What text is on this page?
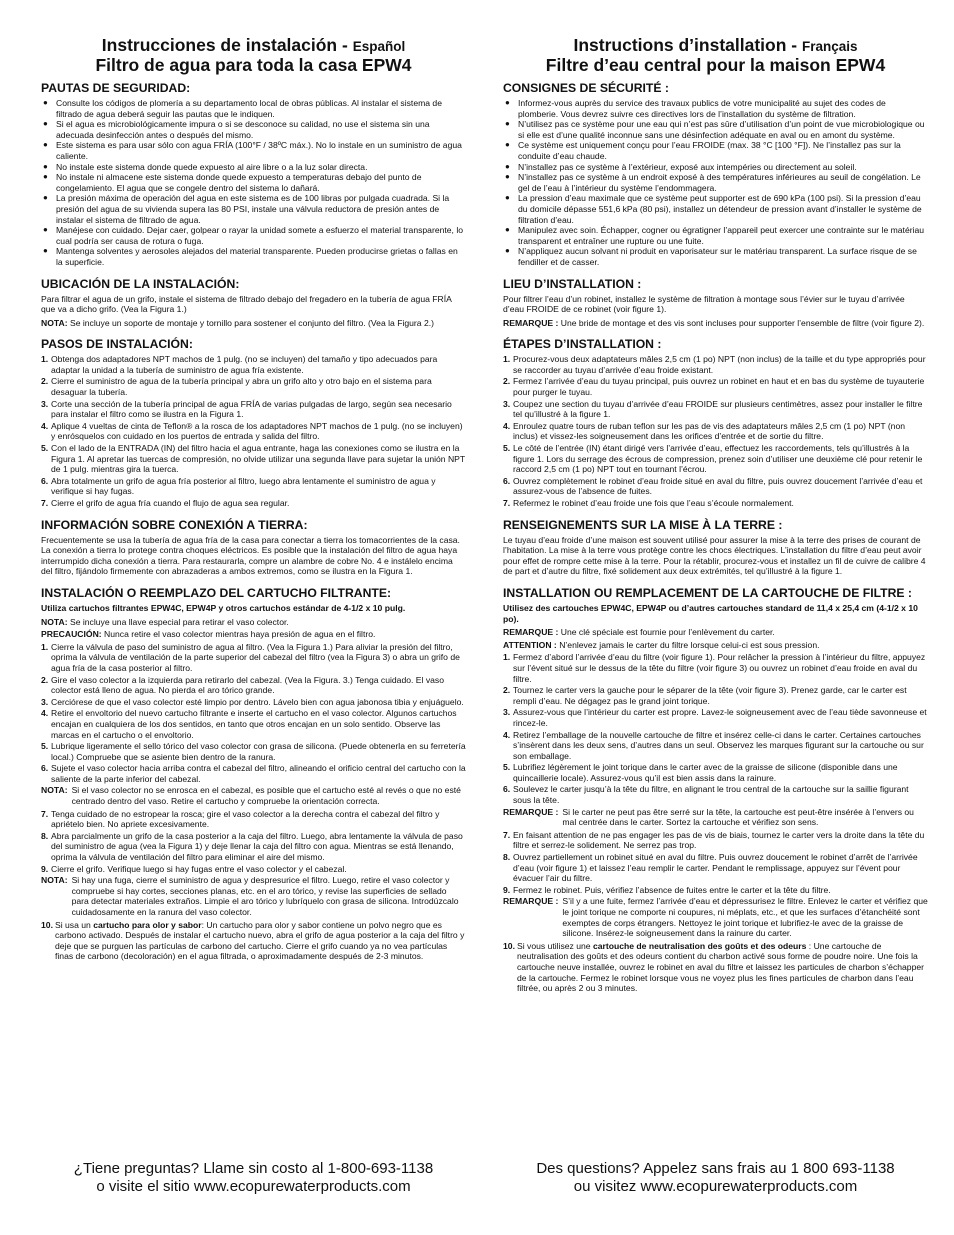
Instrucciones de instalación - Español
Filtro de agua para toda la casa EPW4
PAUTAS DE SEGURIDAD:
● Consulte los códigos de plomería a su departamento local de obras públicas. Al instalar el sistema de filtrado de agua deberá seguir las pautas que le indiquen.
● Si el agua es microbiológicamente impura o si se desconoce su calidad, no use el sistema sin una adecuada desinfección antes o después del mismo.
● Este sistema es para usar sólo con agua FRÍA (100°F / 38ºC máx.). No lo instale en un suministro de agua caliente.
● No instale este sistema donde quede expuesto al aire libre o a la luz solar directa.
● No instale ni almacene este sistema donde quede expuesto a temperaturas debajo del punto de congelamiento. El agua que se congele dentro del sistema lo dañará.
● La presión máxima de operación del agua en este sistema es de 100 libras por pulgada cuadrada. Si la presión del agua de su vivienda supera las 80 PSI, instale una válvula reductora de presión antes de instalar el sistema de filtrado de agua.
● Manéjese con cuidado. Dejar caer, golpear o rayar la unidad somete a esfuerzo el material transparente, lo cual podría ser causa de rotura o fuga.
● Mantenga solventes y aerosoles alejados del material transparente. Pueden producirse grietas o fallas en la superficie.
UBICACIÓN DE LA INSTALACIÓN:

Para filtrar el agua de un grifo, instale el sistema de filtrado debajo del fregadero en la tubería de agua FRÍA que va a dicho grifo. (Vea la Figura 1.)

NOTA: Se incluye un soporte de montaje y tornillo para sostener el conjunto del filtro. (Vea la Figura 2.)

PASOS DE INSTALACIÓN:
1. Obtenga dos adaptadores NPT machos de 1 pulg. (no se incluyen) del tamaño y tipo adecuados para adaptar la unidad a la tubería de suministro de agua fría existente.
2. Cierre el suministro de agua de la tubería principal y abra un grifo alto y otro bajo en el sistema para desaguar la tubería.
3. Corte una sección de la tubería principal de agua FRÍA de varias pulgadas de largo, según sea necesario para instalar el filtro como se ilustra en la Figura 1.
4. Aplique 4 vueltas de cinta de Teflon® a la rosca de los adaptadores NPT machos de 1 pulg. (no se incluyen) y enrósquelos con cuidado en los puertos de entrada y salida del filtro.
5. Con el lado de la ENTRADA (IN) del filtro hacia el agua entrante, haga las conexiones como se ilustra en la Figura 1. Al apretar las tuercas de compresión, no olvide utilizar una segunda llave para sujetar la unión NPT de 1 pulg. mientras gira la tuerca.
6. Abra totalmente un grifo de agua fría posterior al filtro, luego abra lentamente el suministro de agua y verifique si hay fugas.
7. Cierre el grifo de agua fría cuando el flujo de agua sea regular.
INFORMACIÓN SOBRE CONEXIÓN A TIERRA:

Frecuentemente se usa la tubería de agua fría de la casa para conectar a tierra los tomacorrientes de la casa. La conexión a tierra lo protege contra choques eléctricos. Es posible que la instalación del filtro de agua haya interrumpido dicha conexión a tierra. Para restaurarla, compre un alambre de cobre No. 4 e instálelo encima del filtro, fijándolo firmemente con abrazaderas a ambos extremos, como se ilustra en la Figura 1.

INSTALACIÓN O REEMPLAZO DEL CARTUCHO FILTRANTE:

Utiliza cartuchos filtrantes EPW4C, EPW4P y otros cartuchos estándar de 4-1/2 x 10 pulg.

NOTA: Se incluye una llave especial para retirar el vaso colector.

PRECAUCIÓN: Nunca retire el vaso colector mientras haya presión de agua en el filtro.

1. Cierre la válvula de paso del suministro de agua al filtro. (Vea la Figura 1.) Para aliviar la presión del filtro, oprima la válvula de ventilación de la parte superior del cabezal del filtro (vea la Figura 3) o abra un grifo de agua fría de la casa posterior al filtro.
2. Gire el vaso colector a la izquierda para retirarlo del cabezal. (Vea la Figura. 3.) Tenga cuidado. El vaso colector está lleno de agua. No pierda el aro tórico grande.
3. Cerciórese de que el vaso colector esté limpio por dentro. Lávelo bien con agua jabonosa tibia y enjuáguelo.
4. Retire el envoltorio del nuevo cartucho filtrante e inserte el cartucho en el vaso colector. Algunos cartuchos encajan en cualquiera de los dos sentidos, en tanto que otros encajan en un solo sentido. Observe las marcas en el cartucho o el envoltorio.
5. Lubrique ligeramente el sello tórico del vaso colector con grasa de silicona. (Puede obtenerla en su ferretería local.) Compruebe que se asiente bien dentro de la ranura.
6. Sujete el vaso colector hacia arriba contra el cabezal del filtro, alineando el orificio central del cartucho con la saliente de la parte inferior del cabezal.
NOTA: Si el vaso colector no se enrosca en el cabezal, es posible que el cartucho esté al revés o que no esté centrado dentro del vaso. Retire el cartucho y compruebe la orientación correcta.
7. Tenga cuidado de no estropear la rosca; gire el vaso colector a la derecha contra el cabezal del filtro y apriételo bien. No apriete excesivamente.
8. Abra parcialmente un grifo de la casa posterior a la caja del filtro. Luego, abra lentamente la válvula de paso del suministro de agua (vea la Figura 1) y deje llenar la caja del filtro con agua. Mientras se está llenando, oprima la válvula de ventilación del filtro para eliminar el aire del mismo.
9. Cierre el grifo. Verifique luego si hay fugas entre el vaso colector y el cabezal.
NOTA: Si hay una fuga, cierre el suministro de agua y despresurice el filtro. Luego, retire el vaso colector y compruebe si hay cortes, secciones planas, etc. en el aro tórico, y revise las superficies de sellado para detectar materiales extraños. Limpie el aro tórico y lubríquelo con grasa de silicona. Introdúzcalo cuidadosamente en la ranura del vaso colector.
10. Si usa un cartucho para olor y sabor: Un cartucho para olor y sabor contiene un polvo negro que es carbono activado. Después de instalar el cartucho nuevo, abra el grifo de agua posterior a la caja del filtro y deje que se purguen las partículas de carbono del cartucho. Cierre el grifo cuando ya no vea partículas finas de carbono (decoloración) en el agua filtrada, o aproximadamente después de 2-3 minutos.
Instructions d’installation - Français
Filtre d’eau central pour la maison EPW4
CONSIGNES DE SÉCURITÉ :
● Informez-vous auprès du service des travaux publics de votre municipalité au sujet des codes de plomberie. Vous devrez suivre ces directives lors de l’installation du système de filtration.
● N’utilisez pas ce système pour une eau qui n’est pas sûre d’utilisation d’un point de vue microbiologique ou si elle est d’une qualité inconnue sans une désinfection adéquate en aval ou en amont du système.
● Ce système est uniquement conçu pour l’eau FROIDE (max. 38 °C [100 °F]). Ne l’installez pas sur la conduite d’eau chaude.
● N’installez pas ce système à l’extérieur, exposé aux intempéries ou directement au soleil.
● N’installez pas ce système à un endroit exposé à des températures inférieures au seuil de congélation. Le gel de l’eau à l’intérieur du système l’endommagera.
● La pression d’eau maximale que ce système peut supporter est de 690 kPa (100 psi). Si la pression d’eau du domicile dépasse 551,6 kPa (80 psi), installez un détendeur de pression avant d’installer le système de filtration d’eau.
● Manipulez avec soin. Échapper, cogner ou égratigner l’appareil peut exercer une contrainte sur le matériau transparent et entraîner une rupture ou une fuite.
● N’appliquez aucun solvant ni produit en vaporisateur sur le matériau transparent. La surface risque de se fendiller et de casser.
LIEU D’INSTALLATION :

Pour filtrer l’eau d’un robinet, installez le système de filtration à montage sous l’évier sur le tuyau d’arrivée d’eau FROIDE de ce robinet (voir figure 1).

REMARQUE : Une bride de montage et des vis sont incluses pour supporter l’ensemble de filtre (voir figure 2).

ÉTAPES D’INSTALLATION :
1. Procurez-vous deux adaptateurs mâles 2,5 cm (1 po) NPT (non inclus) de la taille et du type appropriés pour se raccorder au tuyau d’arrivée d’eau froide existant.
2. Fermez l’arrivée d’eau du tuyau principal, puis ouvrez un robinet en haut et en bas du système de tuyauterie pour purger le tuyau.
3. Coupez une section du tuyau d’arrivée d’eau FROIDE sur plusieurs centimètres, assez pour installer le filtre tel qu’illustré à la figure 1.
4. Enroulez quatre tours de ruban teflon sur les pas de vis des adaptateurs mâles 2,5 cm (1 po) NPT (non inclus) et vissez-les soigneusement dans les orifices d’entrée et de sortie du filtre.
5. Le côté de l’entrée (IN) étant dirigé vers l’arrivée d’eau, effectuez les raccordements, tels qu’illustrés à la figure 1. Lors du serrage des écrous de compression, prenez soin d’utiliser une deuxième clé pour retenir le raccord 2,5 cm (1 po) NPT tout en tournant l’écrou.
6. Ouvrez complètement le robinet d’eau froide situé en aval du filtre, puis ouvrez doucement l’arrivée d’eau et assurez-vous de l’absence de fuites.
7. Refermez le robinet d’eau froide une fois que l’eau s’écoule normalement.
RENSEIGNEMENTS SUR LA MISE À LA TERRE :

Le tuyau d’eau froide d’une maison est souvent utilisé pour assurer la mise à la terre des prises de courant de l’habitation. La mise à la terre vous protège contre les chocs électriques. L’installation du filtre d’eau peut avoir pour effet de rompre cette mise à la terre. Pour la rétablir, procurez-vous et installez un fil de cuivre de calibre 4 de part et d’autre du filtre, fixé solidement aux deux extrémités, tel qu’illustré à la figure 1.

INSTALLATION OU REMPLACEMENT DE LA CARTOUCHE DE FILTRE :

Utilisez des cartouches EPW4C, EPW4P ou d’autres cartouches standard de 11,4 x 25,4 cm (4-1/2 x 10 po).

REMARQUE : Une clé spéciale est fournie pour l’enlèvement du carter.

ATTENTION : N’enlevez jamais le carter du filtre lorsque celui-ci est sous pression.

1. Fermez d’abord l’arrivée d’eau du filtre (voir figure 1). Pour relâcher la pression à l’intérieur du filtre, appuyez sur l’évent situé sur le dessus de la tête du filtre (voir figure 3) ou ouvrez un robinet d’eau froide en aval du filtre.
2. Tournez le carter vers la gauche pour le séparer de la tête (voir figure 3). Prenez garde, car le carter est rempli d’eau. Ne dégagez pas le grand joint torique.
3. Assurez-vous que l’intérieur du carter est propre. Lavez-le soigneusement avec de l’eau tiède savonneuse et rincez-le.
4. Retirez l’emballage de la nouvelle cartouche de filtre et insérez celle-ci dans le carter. Certaines cartouches s’insèrent dans les deux sens, d’autres dans un seul. Observez les marques figurant sur la cartouche ou sur son emballage.
5. Lubrifiez légèrement le joint torique dans le carter avec de la graisse de silicone (disponible dans une quincaillerie locale). Assurez-vous qu’il est bien assis dans la rainure.
6. Soulevez le carter jusqu’à la tête du filtre, en alignant le trou central de la cartouche sur la saillie figurant sous la tête.
REMARQUE : Si le carter ne peut pas être serré sur la tête, la cartouche est peut-être insérée à l’envers ou mal centrée dans le carter. Sortez la cartouche et vérifiez son sens.
7. En faisant attention de ne pas engager les pas de vis de biais, tournez le carter vers la droite dans la tête du filtre et serrez-le solidement. Ne serrez pas trop.
8. Ouvrez partiellement un robinet situé en aval du filtre. Puis ouvrez doucement le robinet d’arrêt de l’arrivée d’eau (voir figure 1) et laissez l’eau remplir le carter. Pendant le remplissage, appuyez sur l’évent pour évacuer l’air du filtre.
9. Fermez le robinet. Puis, vérifiez l’absence de fuites entre le carter et la tête du filtre.
REMARQUE : S’il y a une fuite, fermez l’arrivée d’eau et dépressurisez le filtre. Enlevez le carter et vérifiez que le joint torique ne comporte ni coupures, ni méplats, etc., et que les surfaces d’étanchéité sont exemptes de corps étrangers. Nettoyez le joint torique et lubrifiez-le avec de la graisse de silicone. Insérez-le soigneusement dans la rainure du carter.
10. Si vous utilisez une cartouche de neutralisation des goûts et des odeurs : Une cartouche de neutralisation des goûts et des odeurs contient du charbon activé sous forme de poudre noire. Une fois la cartouche neuve installée, ouvrez le robinet en aval du filtre et laissez les particules de charbon s’échapper de la cartouche. Fermez le robinet lorsque vous ne voyez plus les fines particules de charbon dans l’eau filtrée, ou après 2 ou 3 minutes.
¿Tiene preguntas? Llame sin costo al 1-800-693-1138
o visite el sitio www.ecopurewaterproducts.com
Des questions? Appelez sans frais au 1 800 693-1138
ou visitez www.ecopurewaterproducts.com
